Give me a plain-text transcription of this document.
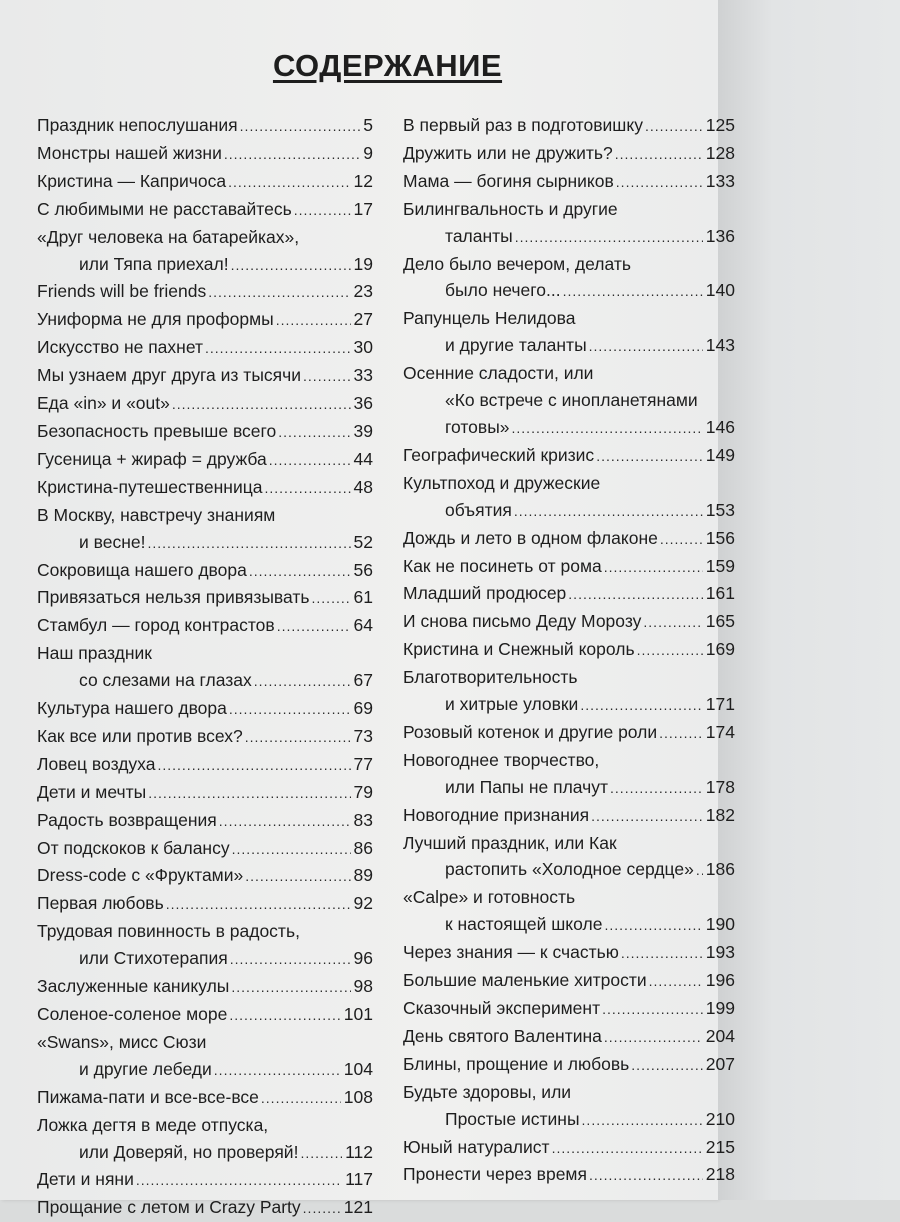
СОДЕРЖАНИЕ
Праздник непослушания .....	5
Монстры нашей жизни .....	9
Кристина — Капричоса .....	12
С любимыми не расставайтесь .....	17
«Друг человека на батарейках»,
или Тяпа приехал! .....	19
Friends will be friends .....	23
Униформа не для проформы .....	27
Искусство не пахнет .....	30
Мы узнаем друг друга из тысячи .....	33
Еда «in» и «out» .....	36
Безопасность превыше всего .....	39
Гусеница + жираф = дружба .....	44
Кристина-путешественница .....	48
В Москву, навстречу знаниям
и весне! .....	52
Сокровища нашего двора .....	56
Привязаться нельзя привязывать .....	61
Стамбул — город контрастов .....	64
Наш праздник
со слезами на глазах .....	67
Культура нашего двора .....	69
Как все или против всех? .....	73
Ловец воздуха .....	77
Дети и мечты .....	79
Радость возвращения .....	83
От подскоков к балансу .....	86
Dress-code с «Фруктами» .....	89
Первая любовь .....	92
Трудовая повинность в радость,
или Стихотерапия .....	96
Заслуженные каникулы .....	98
Соленое-соленое море .....	101
«Swans», мисс Сюзи
и другие лебеди .....	104
Пижама-пати и все-все-все .....	108
Ложка дегтя в меде отпуска,
или Доверяй, но проверяй! .....	112
Дети и няни .....	117
Прощание с летом и Crazy Party ..... 121
В первый раз в подготовишку .....	125
Дружить или не дружить? .....	128
Мама — богиня сырников .....	133
Билингвальность и другие
таланты .....	136
Дело было вечером, делать
было нечего... .....	140
Рапунцель Нелидова
и другие таланты .....	143
Осенние сладости, или
«Ко встрече с инопланетянами
готовы» .....	146
Географический кризис .....	149
Культпоход и дружеские
объятия .....	153
Дождь и лето в одном флаконе .....	156
Как не посинеть от рома .....	159
Младший продюсер .....	161
И снова письмо Деду Морозу .....	165
Кристина и Снежный король .....	169
Благотворительность
и хитрые уловки .....	171
Розовый котенок и другие роли .....	174
Новогоднее творчество,
или Папы не плачут .....	178
Новогодние признания .....	182
Лучший праздник, или Как
растопить «Холодное сердце» ..... 186
«Calpe» и готовность
к настоящей школе .....	190
Через знания — к счастью .....	193
Большие маленькие хитрости .....	196
Сказочный эксперимент .....	199
День святого Валентина .....	204
Блины, прощение и любовь .....	207
Будьте здоровы, или
Простые истины .....	210
Юный натуралист .....	215
Пронести через время .....	218
